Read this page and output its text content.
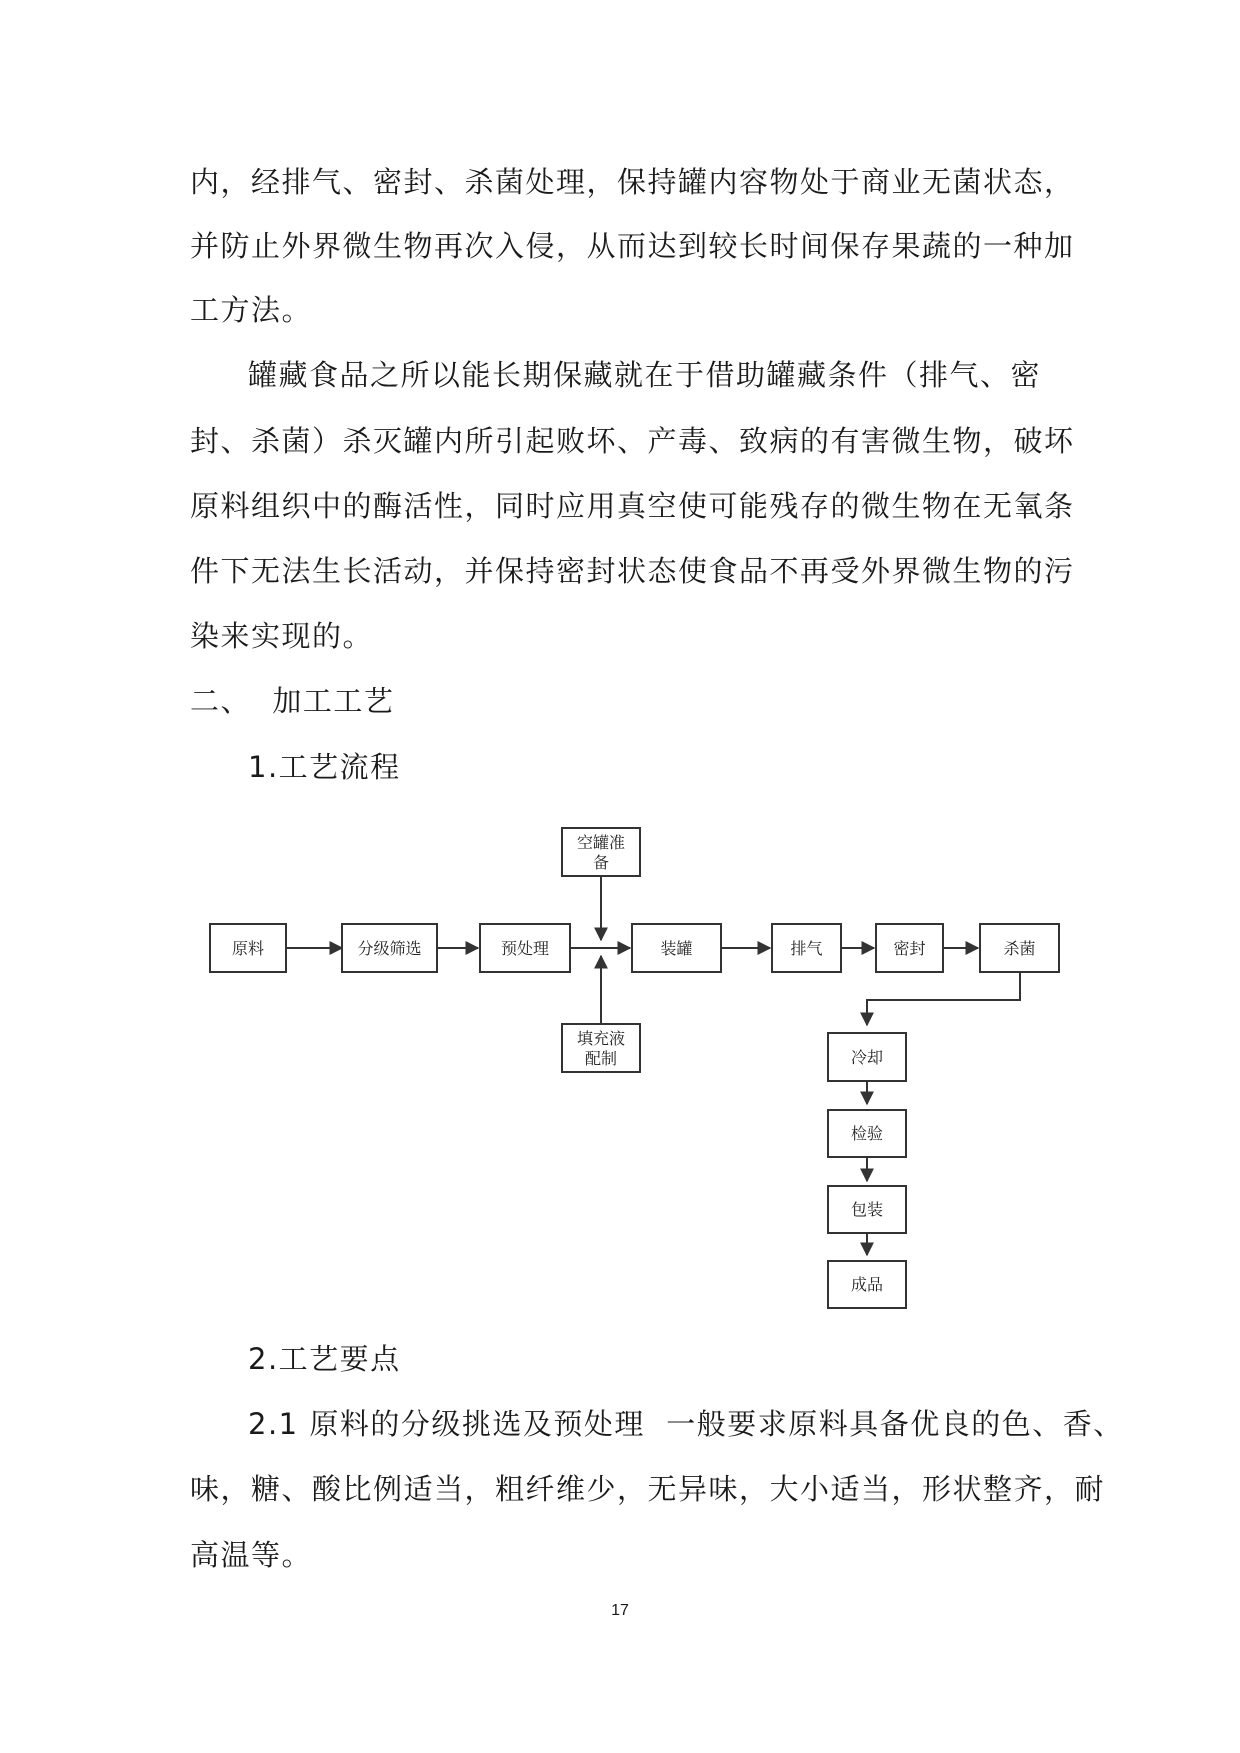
内，经排气、密封、杀菌处理，保持罐内容物处于商业无菌状态，
并防止外界微生物再次入侵，从而达到较长时间保存果蔬的一种加
工方法。
罐藏食品之所以能长期保藏就在于借助罐藏条件（排气、密
封、杀菌）杀灭罐内所引起败坏、产毒、致病的有害微生物，破坏
原料组织中的酶活性，同时应用真空使可能残存的微生物在无氧条
件下无法生长活动，并保持密封状态使食品不再受外界微生物的污
染来实现的。
二、  加工工艺
1.工艺流程
原料	分级筛选	预处理
空罐准
备
装罐
填充液
配制
排气	密封	杀菌
冷却
检验
包装
成品
2.工艺要点
2.1 原料的分级挑选及预处理  一般要求原料具备优良的色、香、
味，糖、酸比例适当，粗纤维少，无异味，大小适当，形状整齐，耐
高温等。
17
